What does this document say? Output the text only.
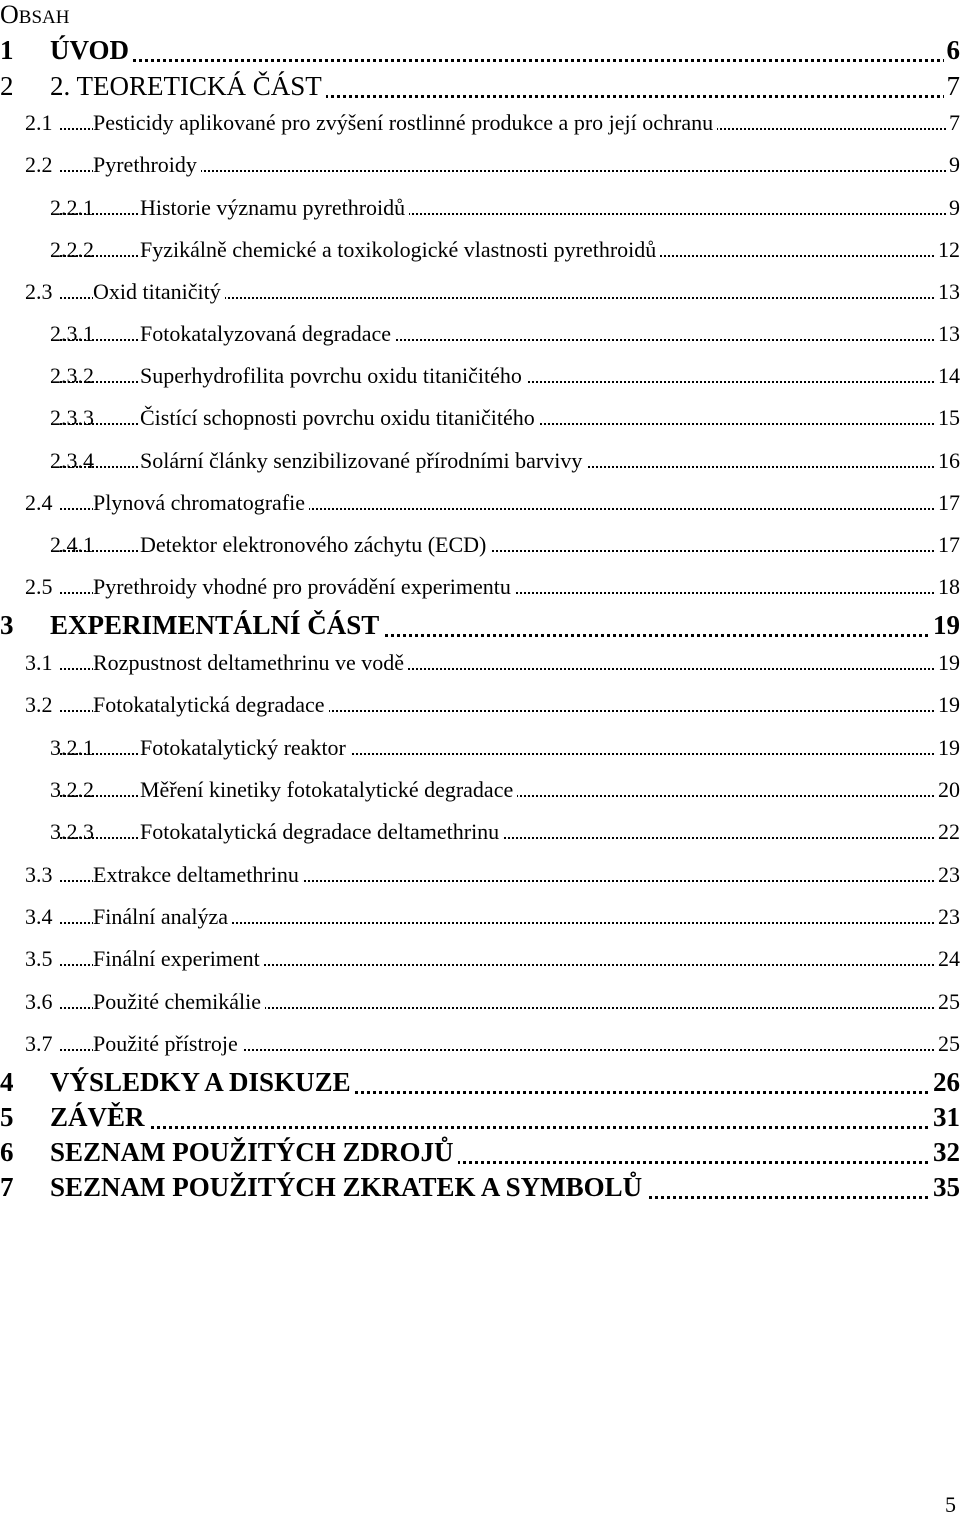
OBSAH
1 ÚVOD	6
2 2. TEORETICKÁ ČÁST	7
2.1 Pesticidy aplikované pro zvýšení rostlinné produkce a pro její ochranu	7
2.2 Pyrethroidy	9
2.2.1 Historie významu pyrethroidů	9
2.2.2 Fyzikálně chemické a toxikologické vlastnosti pyrethroidů	12
2.3 Oxid titaničitý	13
2.3.1 Fotokatalyzovaná degradace	13
2.3.2 Superhydrofilita povrchu oxidu titaničitého	14
2.3.3 Čistící schopnosti povrchu oxidu titaničitého	15
2.3.4 Solární články senzibilizované přírodními barvivy	16
2.4 Plynová chromatografie	17
2.4.1 Detektor elektronového záchytu (ECD)	17
2.5 Pyrethroidy vhodné pro provádění experimentu	18
3 EXPERIMENTÁLNÍ ČÁST	19
3.1 Rozpustnost deltamethrinu ve vodě	19
3.2 Fotokatalytická degradace	19
3.2.1 Fotokatalytický reaktor	19
3.2.2 Měření kinetiky fotokatalytické degradace	20
3.2.3 Fotokatalytická degradace deltamethrinu	22
3.3 Extrakce deltamethrinu	23
3.4 Finální analýza	23
3.5 Finální experiment	24
3.6 Použité chemikálie	25
3.7 Použité přístroje	25
4 VÝSLEDKY A DISKUZE	26
5 ZÁVĚR	31
6 SEZNAM POUŽITÝCH ZDROJŮ	32
7 SEZNAM POUŽITÝCH ZKRATEK A SYMBOLŮ	35
5
